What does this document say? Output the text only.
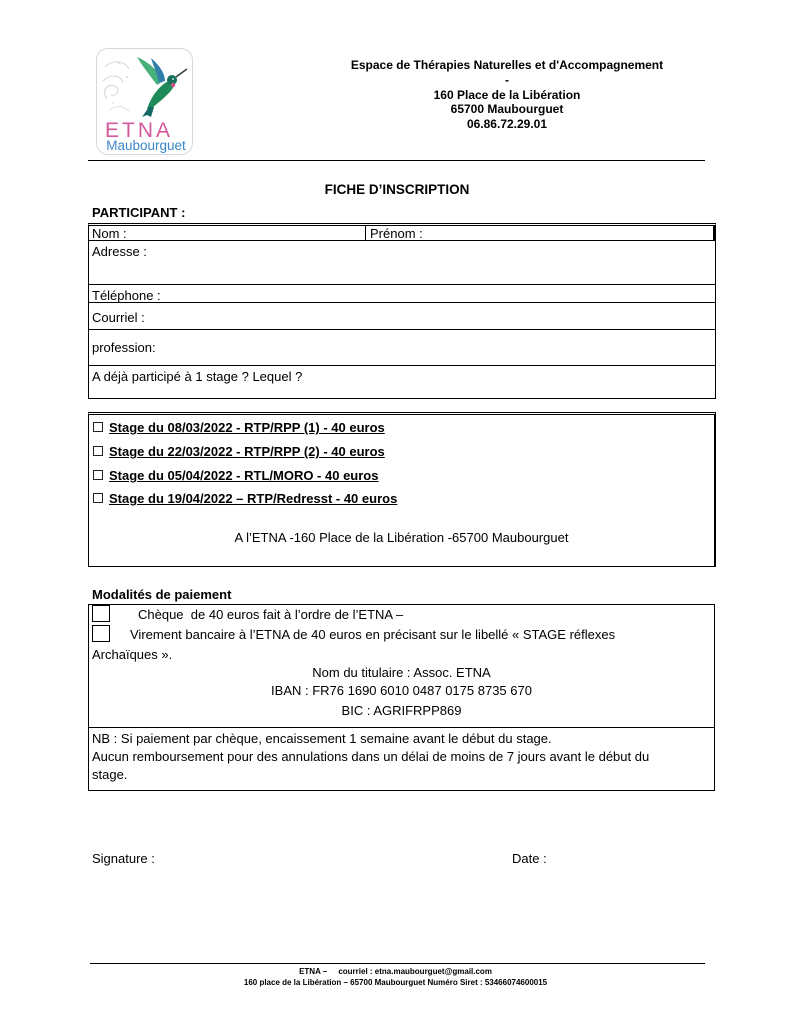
ETNA
Maubourguet
Espace de Thérapies Naturelles et d'Accompagnement
-
160 Place de la Libération
65700 Maubourguet
06.86.72.29.01
FICHE D’INSCRIPTION
PARTICIPANT :
Nom :	Prénom :
Adresse :
Téléphone :
Courriel :
profession:
A déjà participé à 1 stage ? Lequel ?
Stage du 08/03/2022 - RTP/RPP (1) - 40 euros
Stage du 22/03/2022 - RTP/RPP (2) - 40 euros
Stage du 05/04/2022 - RTL/MORO - 40 euros
Stage du 19/04/2022 – RTP/Redresst - 40 euros
A l’ETNA -160 Place de la Libération -65700 Maubourguet
Modalités de paiement
Chèque  de 40 euros fait à l’ordre de l’ETNA –
Virement bancaire à l’ETNA de 40 euros en précisant sur le libellé « STAGE réflexes
Archaïques ».
Nom du titulaire : Assoc. ETNA
IBAN : FR76 1690 6010 0487 0175 8735 670
BIC : AGRIFRPP869
NB : Si paiement par chèque, encaissement 1 semaine avant le début du stage.
Aucun remboursement pour des annulations dans un délai de moins de 7 jours avant le début du
stage.
Signature :	Date :
ETNA –     courriel : etna.maubourguet@gmail.com
160 place de la Libération – 65700 Maubourguet Numéro Siret : 53466074600015
